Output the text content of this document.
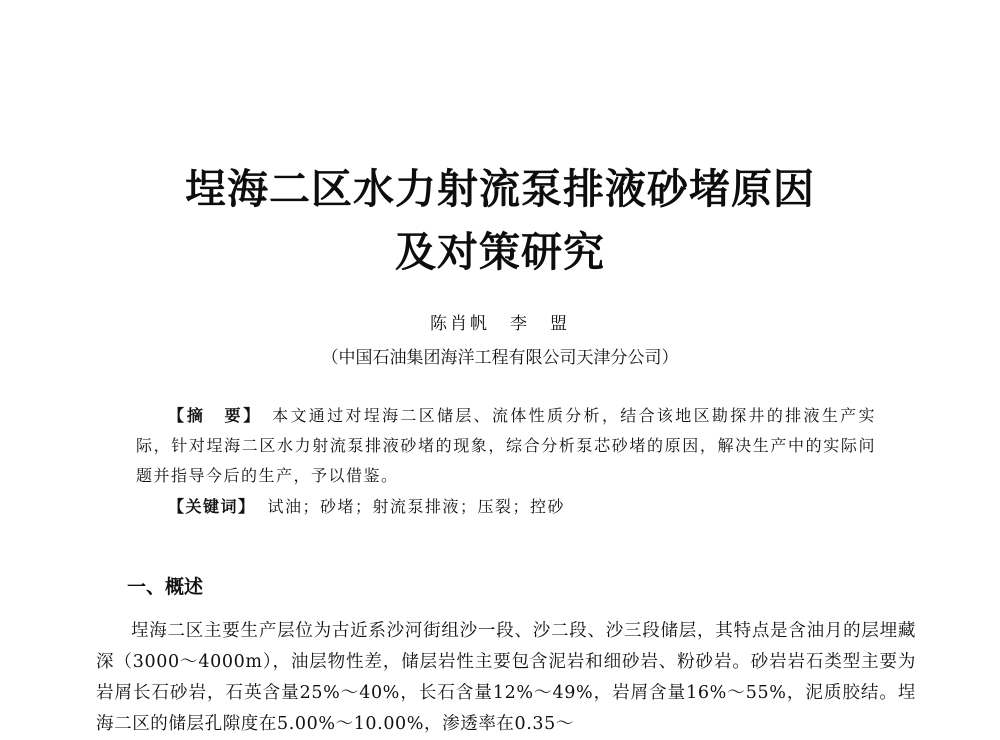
埕海二区水力射流泵排液砂堵原因
及对策研究
陈肖帆　李　盟
（中国石油集团海洋工程有限公司天津分公司）
【摘　要】 本文通过对埕海二区储层、流体性质分析，结合该地区勘探井的排液生产实际，针对埕海二区水力射流泵排液砂堵的现象，综合分析泵芯砂堵的原因，解决生产中的实际问题并指导今后的生产，予以借鉴。
【关键词】 试油；砂堵；射流泵排液；压裂；控砂
一、概述
埕海二区主要生产层位为古近系沙河街组沙一段、沙二段、沙三段储层，其特点是含油月的层埋藏深（3000～4000m），油层物性差，储层岩性主要包含泥岩和细砂岩、粉砂岩。砂岩岩石类型主要为岩屑长石砂岩，石英含量25%～40%，长石含量12%～49%，岩屑含量16%～55%，泥质胶结。埕海二区的储层孔隙度在5.00%～10.00%，渗透率在0.35～
